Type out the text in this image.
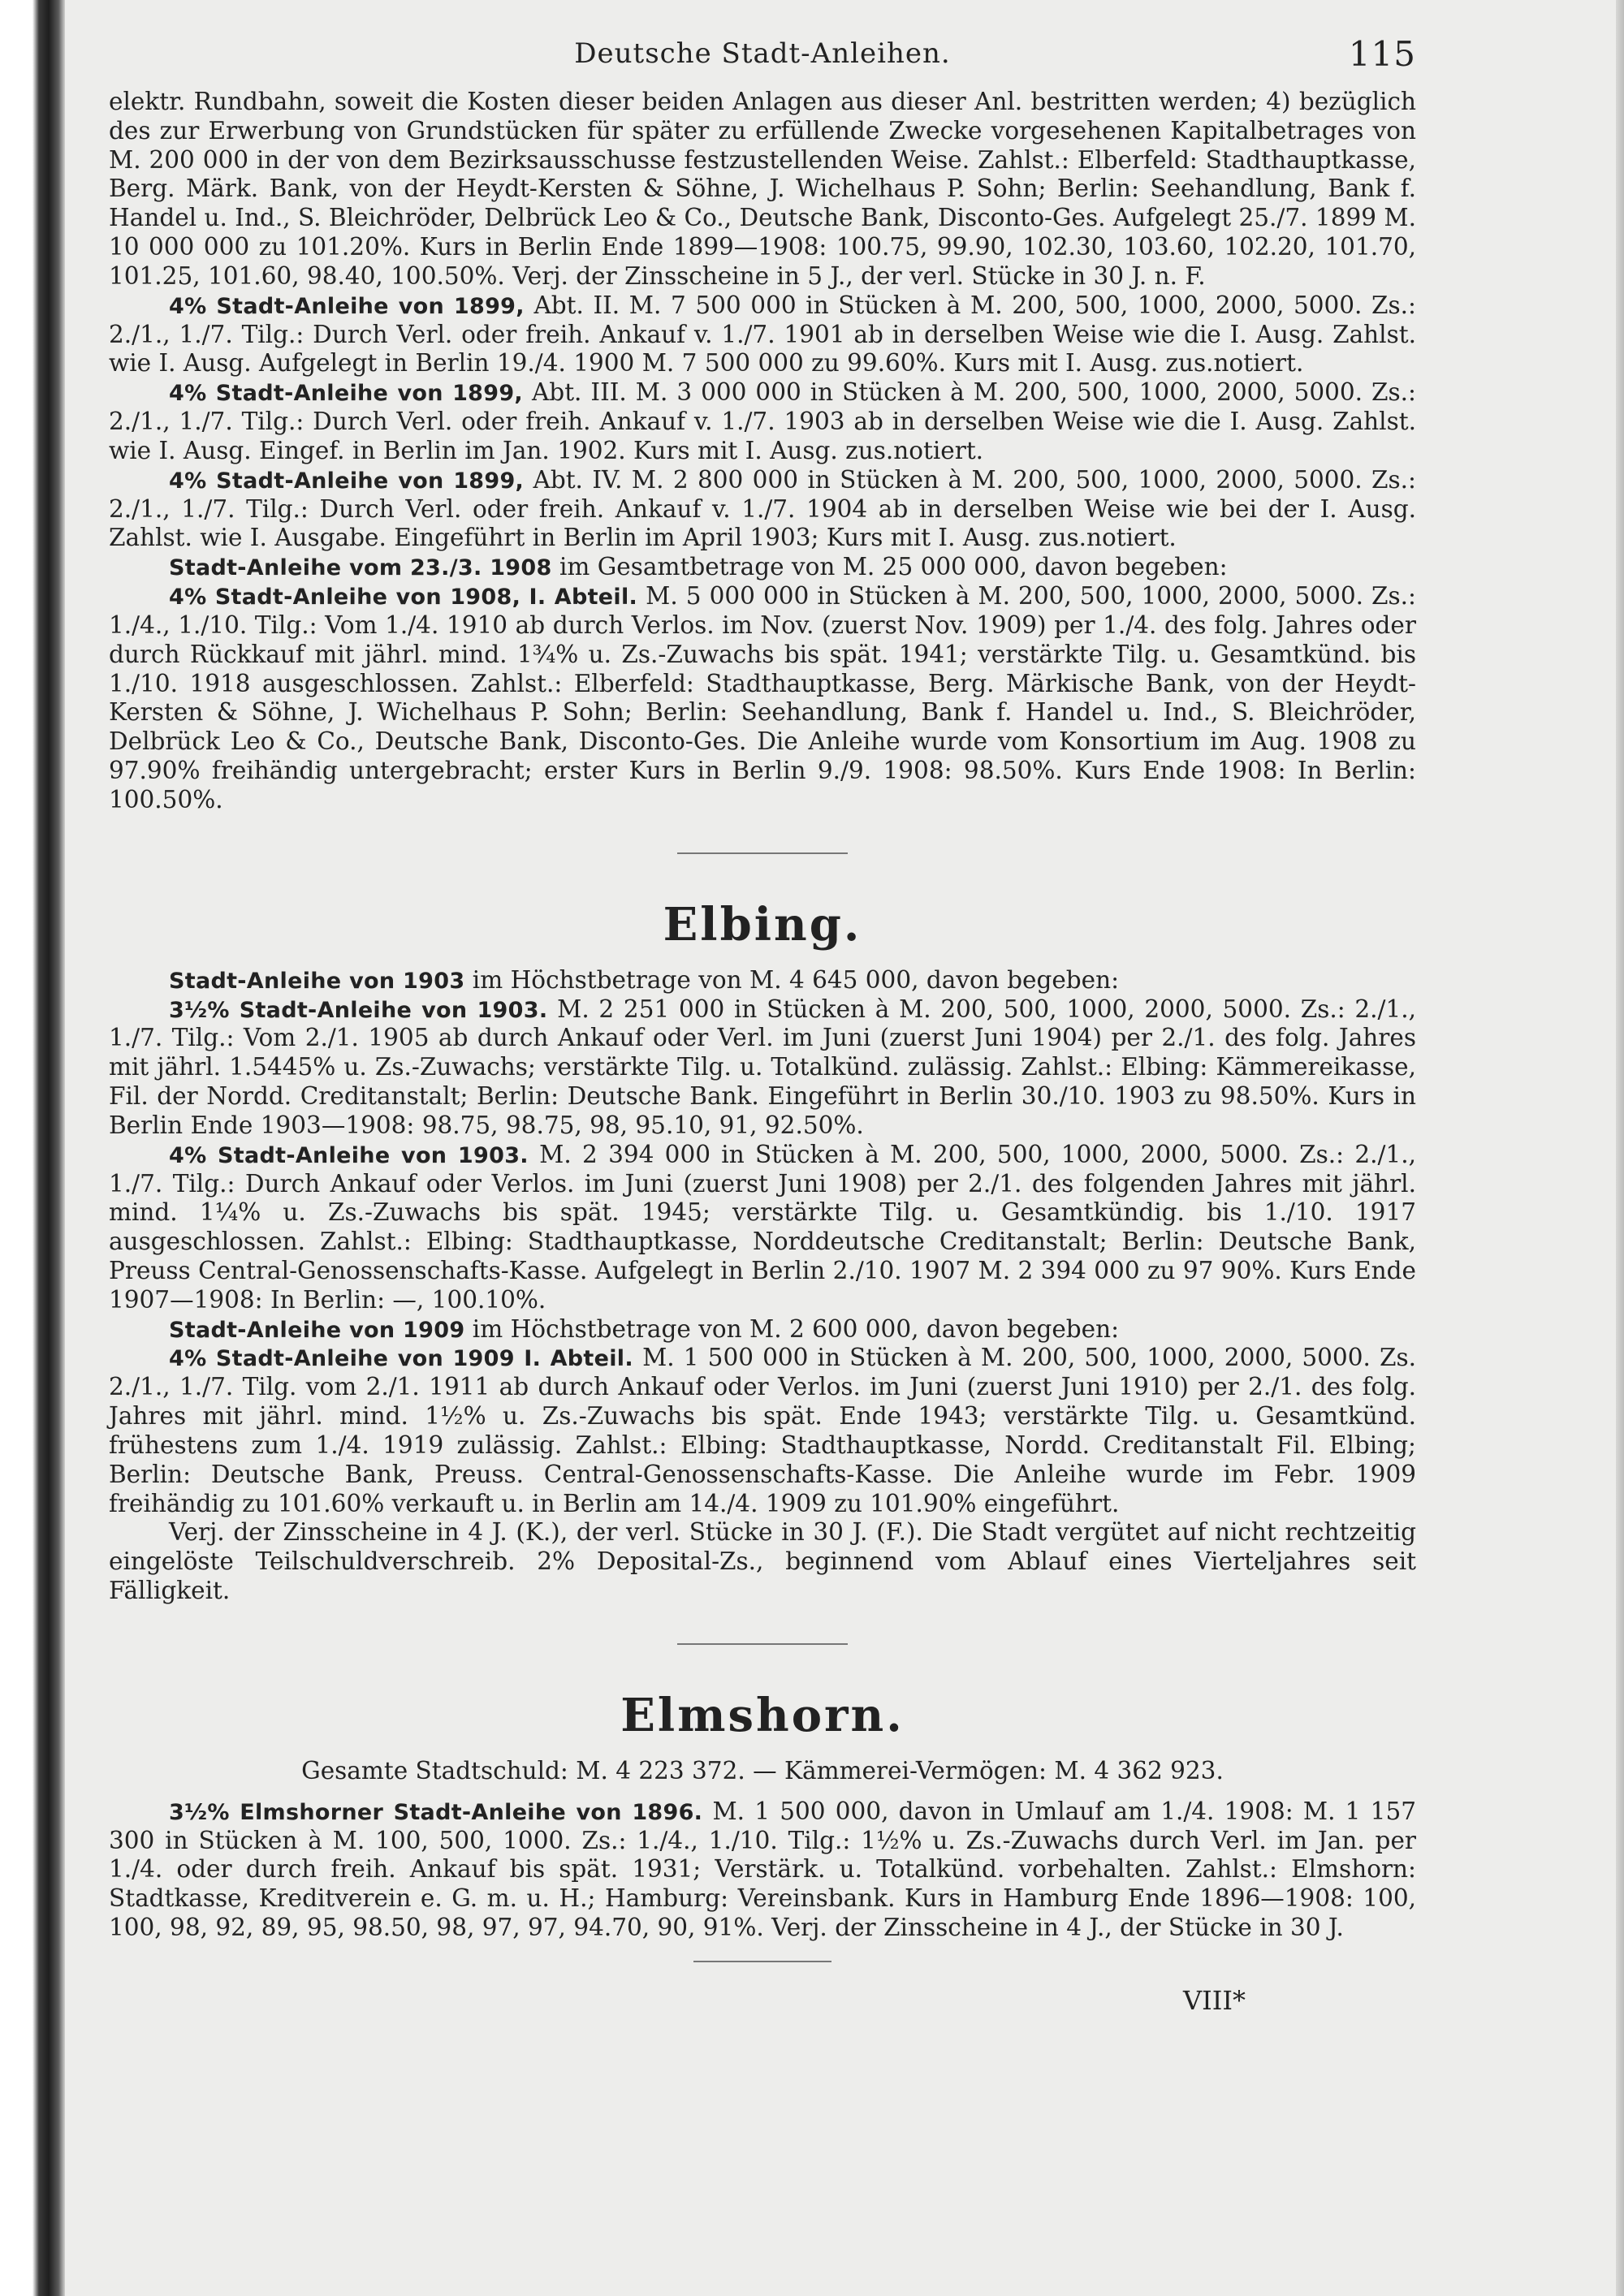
Deutsche Stadt-Anleihen.	115

elektr. Rundbahn, soweit die Kosten dieser beiden Anlagen aus dieser Anl. bestritten werden; 4) bezüglich des zur Erwerbung von Grundstücken für später zu erfüllende Zwecke vorgesehenen Kapitalbetrages von M. 200 000 in der von dem Bezirksausschusse festzustellenden Weise. Zahlst.: Elberfeld: Stadthauptkasse, Berg. Märk. Bank, von der Heydt-Kersten & Söhne, J. Wichelhaus P. Sohn; Berlin: Seehandlung, Bank f. Handel u. Ind., S. Bleichröder, Delbrück Leo & Co., Deutsche Bank, Disconto-Ges. Aufgelegt 25./7. 1899 M. 10 000 000 zu 101.20%. Kurs in Berlin Ende 1899—1908: 100.75, 99.90, 102.30, 103.60, 102.20, 101.70, 101.25, 101.60, 98.40, 100.50%. Verj. der Zinsscheine in 5 J., der verl. Stücke in 30 J. n. F.

4% Stadt-Anleihe von 1899, Abt. II. M. 7 500 000 in Stücken à M. 200, 500, 1000, 2000, 5000. Zs.: 2./1., 1./7. Tilg.: Durch Verl. oder freih. Ankauf v. 1./7. 1901 ab in derselben Weise wie die I. Ausg. Zahlst. wie I. Ausg. Aufgelegt in Berlin 19./4. 1900 M. 7 500 000 zu 99.60%. Kurs mit I. Ausg. zus.notiert.

4% Stadt-Anleihe von 1899, Abt. III. M. 3 000 000 in Stücken à M. 200, 500, 1000, 2000, 5000. Zs.: 2./1., 1./7. Tilg.: Durch Verl. oder freih. Ankauf v. 1./7. 1903 ab in derselben Weise wie die I. Ausg. Zahlst. wie I. Ausg. Eingef. in Berlin im Jan. 1902. Kurs mit I. Ausg. zus.notiert.

4% Stadt-Anleihe von 1899, Abt. IV. M. 2 800 000 in Stücken à M. 200, 500, 1000, 2000, 5000. Zs.: 2./1., 1./7. Tilg.: Durch Verl. oder freih. Ankauf v. 1./7. 1904 ab in derselben Weise wie bei der I. Ausg. Zahlst. wie I. Ausgabe. Eingeführt in Berlin im April 1903; Kurs mit I. Ausg. zus.notiert.

Stadt-Anleihe vom 23./3. 1908 im Gesamtbetrage von M. 25 000 000, davon begeben:

4% Stadt-Anleihe von 1908, I. Abteil. M. 5 000 000 in Stücken à M. 200, 500, 1000, 2000, 5000. Zs.: 1./4., 1./10. Tilg.: Vom 1./4. 1910 ab durch Verlos. im Nov. (zuerst Nov. 1909) per 1./4. des folg. Jahres oder durch Rückkauf mit jährl. mind. 1¾% u. Zs.-Zuwachs bis spät. 1941; verstärkte Tilg. u. Gesamtkünd. bis 1./10. 1918 ausgeschlossen. Zahlst.: Elberfeld: Stadthauptkasse, Berg. Märkische Bank, von der Heydt-Kersten & Söhne, J. Wichelhaus P. Sohn; Berlin: Seehandlung, Bank f. Handel u. Ind., S. Bleichröder, Delbrück Leo & Co., Deutsche Bank, Disconto-Ges. Die Anleihe wurde vom Konsortium im Aug. 1908 zu 97.90% freihändig untergebracht; erster Kurs in Berlin 9./9. 1908: 98.50%. Kurs Ende 1908: In Berlin: 100.50%.

Elbing.

Stadt-Anleihe von 1903 im Höchstbetrage von M. 4 645 000, davon begeben:

3½% Stadt-Anleihe von 1903. M. 2 251 000 in Stücken à M. 200, 500, 1000, 2000, 5000. Zs.: 2./1., 1./7. Tilg.: Vom 2./1. 1905 ab durch Ankauf oder Verl. im Juni (zuerst Juni 1904) per 2./1. des folg. Jahres mit jährl. 1.5445% u. Zs.-Zuwachs; verstärkte Tilg. u. Totalkünd. zulässig. Zahlst.: Elbing: Kämmereikasse, Fil. der Nordd. Creditanstalt; Berlin: Deutsche Bank. Eingeführt in Berlin 30./10. 1903 zu 98.50%. Kurs in Berlin Ende 1903—1908: 98.75, 98.75, 98, 95.10, 91, 92.50%.

4% Stadt-Anleihe von 1903. M. 2 394 000 in Stücken à M. 200, 500, 1000, 2000, 5000. Zs.: 2./1., 1./7. Tilg.: Durch Ankauf oder Verlos. im Juni (zuerst Juni 1908) per 2./1. des folgenden Jahres mit jährl. mind. 1¼% u. Zs.-Zuwachs bis spät. 1945; verstärkte Tilg. u. Gesamtkündig. bis 1./10. 1917 ausgeschlossen. Zahlst.: Elbing: Stadthauptkasse, Norddeutsche Creditanstalt; Berlin: Deutsche Bank, Preuss Central-Genossenschafts-Kasse. Aufgelegt in Berlin 2./10. 1907 M. 2 394 000 zu 97 90%. Kurs Ende 1907—1908: In Berlin: —, 100.10%.

Stadt-Anleihe von 1909 im Höchstbetrage von M. 2 600 000, davon begeben:

4% Stadt-Anleihe von 1909 I. Abteil. M. 1 500 000 in Stücken à M. 200, 500, 1000, 2000, 5000. Zs. 2./1., 1./7. Tilg. vom 2./1. 1911 ab durch Ankauf oder Verlos. im Juni (zuerst Juni 1910) per 2./1. des folg. Jahres mit jährl. mind. 1½% u. Zs.-Zuwachs bis spät. Ende 1943; verstärkte Tilg. u. Gesamtkünd. frühestens zum 1./4. 1919 zulässig. Zahlst.: Elbing: Stadthauptkasse, Nordd. Creditanstalt Fil. Elbing; Berlin: Deutsche Bank, Preuss. Central-Genossenschafts-Kasse. Die Anleihe wurde im Febr. 1909 freihändig zu 101.60% verkauft u. in Berlin am 14./4. 1909 zu 101.90% eingeführt.

Verj. der Zinsscheine in 4 J. (K.), der verl. Stücke in 30 J. (F.). Die Stadt vergütet auf nicht rechtzeitig eingelöste Teilschuldverschreib. 2% Deposital-Zs., beginnend vom Ablauf eines Vierteljahres seit Fälligkeit.

Elmshorn.

Gesamte Stadtschuld: M. 4 223 372. — Kämmerei-Vermögen: M. 4 362 923.

3½% Elmshorner Stadt-Anleihe von 1896. M. 1 500 000, davon in Umlauf am 1./4. 1908: M. 1 157 300 in Stücken à M. 100, 500, 1000. Zs.: 1./4., 1./10. Tilg.: 1½% u. Zs.-Zuwachs durch Verl. im Jan. per 1./4. oder durch freih. Ankauf bis spät. 1931; Verstärk. u. Totalkünd. vorbehalten. Zahlst.: Elmshorn: Stadtkasse, Kreditverein e. G. m. u. H.; Hamburg: Vereinsbank. Kurs in Hamburg Ende 1896—1908: 100, 100, 98, 92, 89, 95, 98.50, 98, 97, 97, 94.70, 90, 91%. Verj. der Zinsscheine in 4 J., der Stücke in 30 J.

VIII*
